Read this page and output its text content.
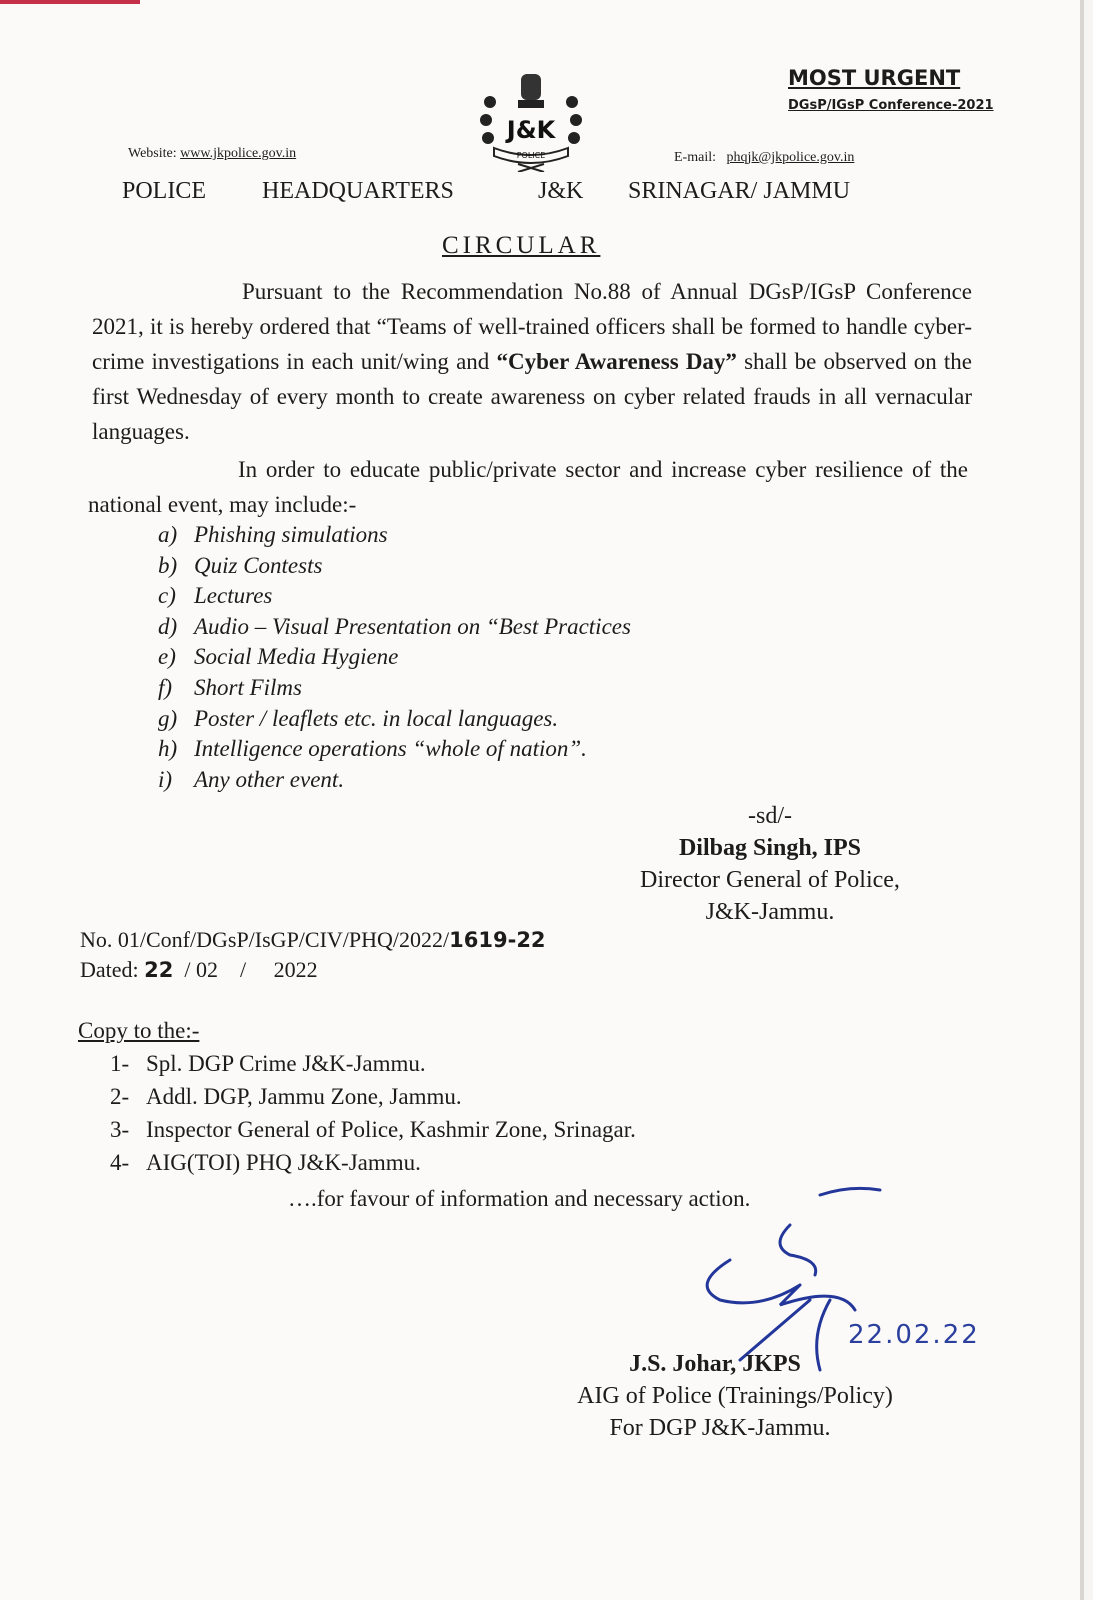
MOST URGENT
DGsP/IGsP Conference-2021
Website: www.jkpolice.gov.in
J&K
POLICE	E-mail: phqjk@jkpolice.gov.in
POLICE HEADQUARTERS	J&K SRINAGAR/ JAMMU
CIRCULAR

Pursuant to the Recommendation No.88 of Annual DGsP/IGsP Conference 2021, it is hereby ordered that “Teams of well-trained officers shall be formed to handle cyber-crime investigations in each unit/wing and “Cyber Awareness Day” shall be observed on the first Wednesday of every month to create awareness on cyber related frauds in all vernacular languages.

In order to educate public/private sector and increase cyber resilience of the national event, may include:-

a) Phishing simulations
b) Quiz Contests
c) Lectures
d) Audio – Visual Presentation on “Best Practices
e) Social Media Hygiene
f) Short Films
g) Poster / leaflets etc. in local languages.
h) Intelligence operations “whole of nation”.
i) Any other event.
-sd/-
Dilbag Singh, IPS
Director General of Police,
J&K-Jammu.
No. 01/Conf/DGsP/IsGP/CIV/PHQ/2022/1619-22
Dated: 22 / 02 /     2022
Copy to the:-
1- Spl. DGP Crime J&K-Jammu.
2- Addl. DGP, Jammu Zone, Jammu.
3- Inspector General of Police, Kashmir Zone, Srinagar.
4- AIG(TOI) PHQ J&K-Jammu.
….for favour of information and necessary action.
22.02.22
J.S. Johar, JKPS
AIG of Police (Trainings/Policy)
For DGP J&K-Jammu.
